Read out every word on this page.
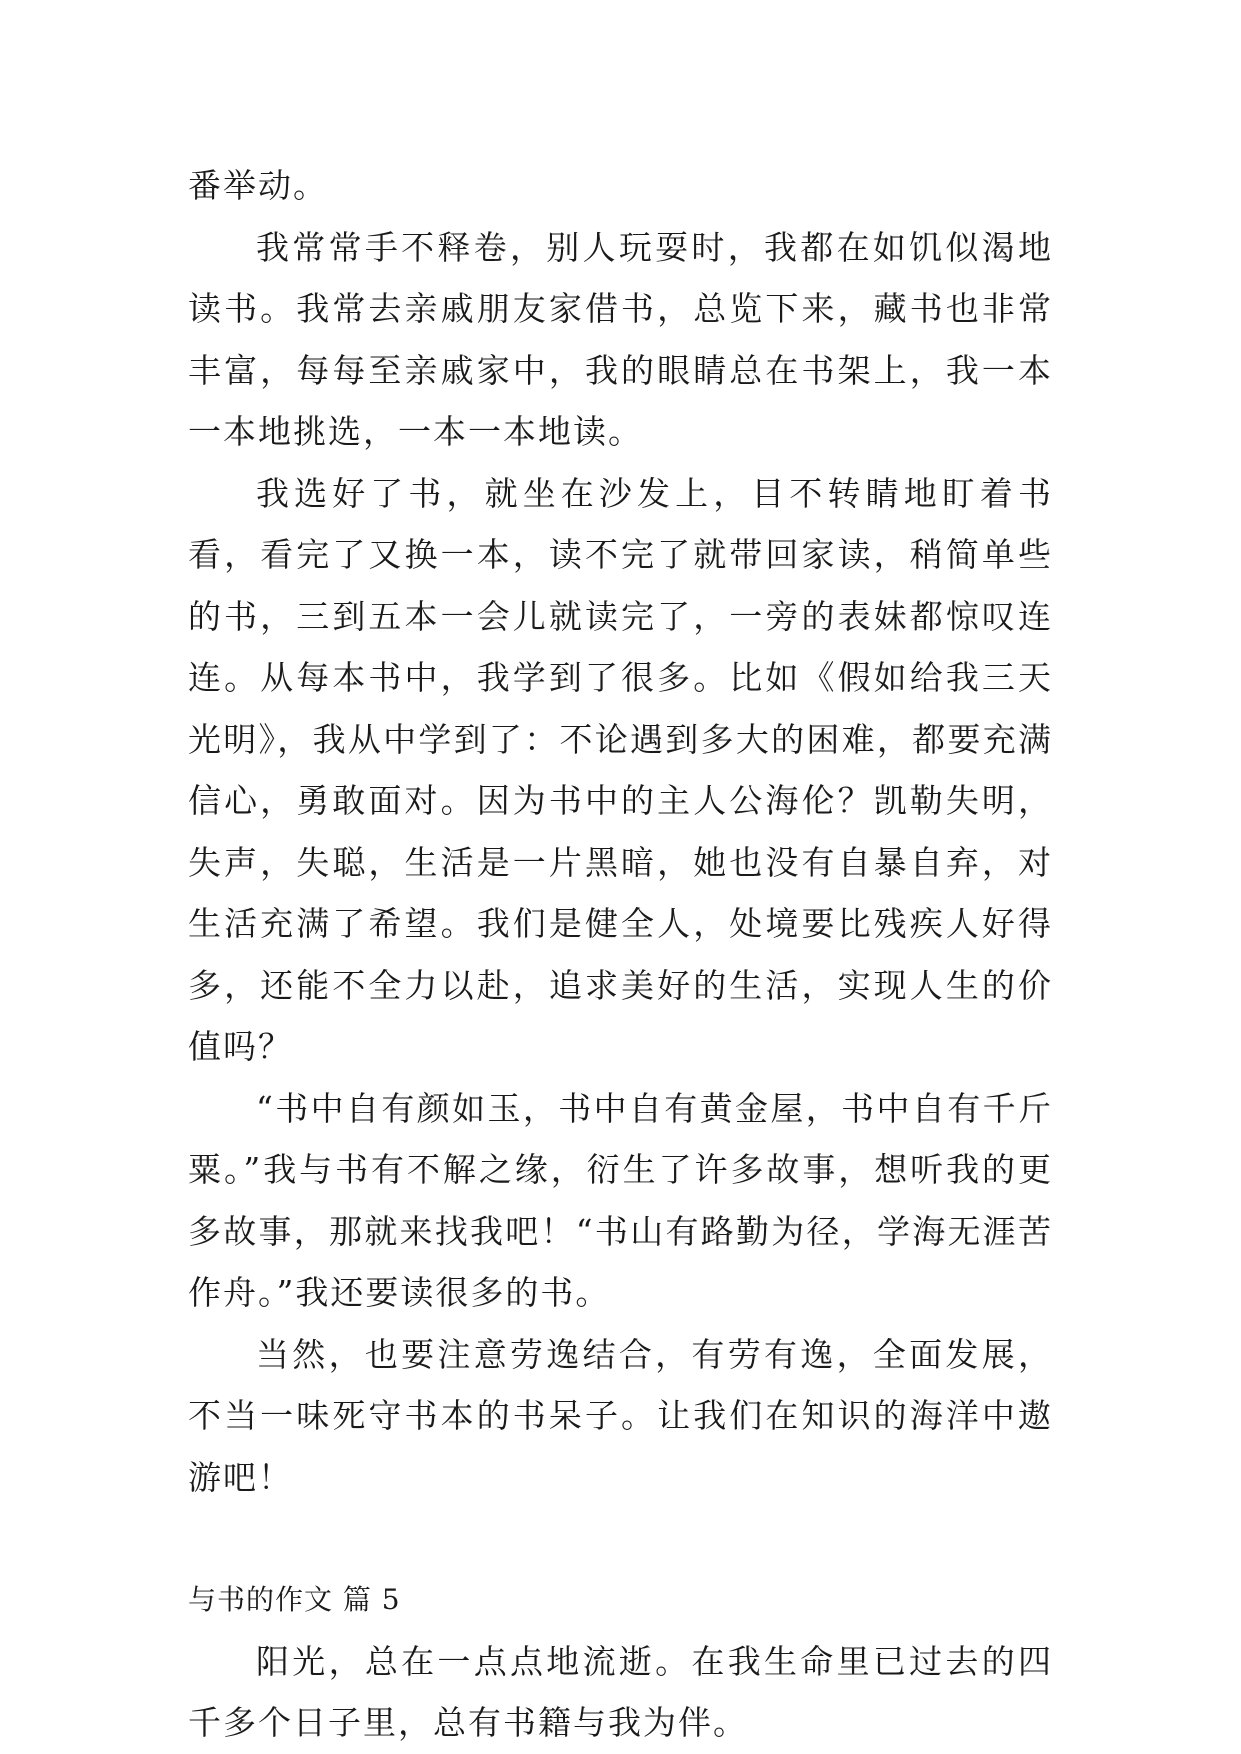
番举动。

我常常手不释卷，别人玩耍时，我都在如饥似渴地读书。我常去亲戚朋友家借书，总览下来，藏书也非常丰富，每每至亲戚家中，我的眼睛总在书架上，我一本一本地挑选，一本一本地读。

我选好了书，就坐在沙发上，目不转睛地盯着书看，看完了又换一本，读不完了就带回家读，稍简单些的书，三到五本一会儿就读完了，一旁的表妹都惊叹连连。从每本书中，我学到了很多。比如《假如给我三天光明》，我从中学到了：不论遇到多大的困难，都要充满信心，勇敢面对。因为书中的主人公海伦？凯勒失明，失声，失聪，生活是一片黑暗，她也没有自暴自弃，对生活充满了希望。我们是健全人，处境要比残疾人好得多，还能不全力以赴，追求美好的生活，实现人生的价值吗？

“书中自有颜如玉，书中自有黄金屋，书中自有千斤粟。”我与书有不解之缘，衍生了许多故事，想听我的更多故事，那就来找我吧！“书山有路勤为径，学海无涯苦作舟。”我还要读很多的书。

当然，也要注意劳逸结合，有劳有逸，全面发展，不当一味死守书本的书呆子。让我们在知识的海洋中遨游吧！

与书的作文 篇 5

阳光，总在一点点地流逝。在我生命里已过去的四千多个日子里，总有书籍与我为伴。
